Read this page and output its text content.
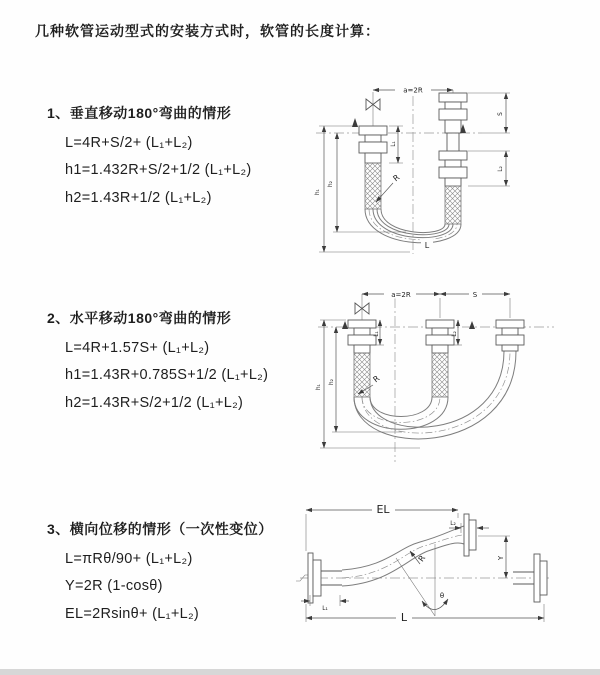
几种软管运动型式的安装方式时，软管的长度计算：
1、垂直移动180°弯曲的情形
L=4R+S/2+ (L₁+L₂)
h1=1.432R+S/2+1/2 (L₁+L₂)
h2=1.43R+1/2 (L₁+L₂)
2、水平移动180°弯曲的情形
L=4R+1.57S+ (L₁+L₂)
h1=1.43R+0.785S+1/2 (L₁+L₂)
h2=1.43R+S/2+1/2 (L₁+L₂)
3、横向位移的情形（一次性变位）
L=πRθ/90+ (L₁+L₂)
Y=2R (1-cosθ)
EL=2Rsinθ+ (L₁+L₂)
a=2R
h₁
h₂
L₁
S
L₂
R
L
a=2R	S
h₁
h₂
L₁	L₂
R
EL
L₂
Y
R
θ
L
L₁
